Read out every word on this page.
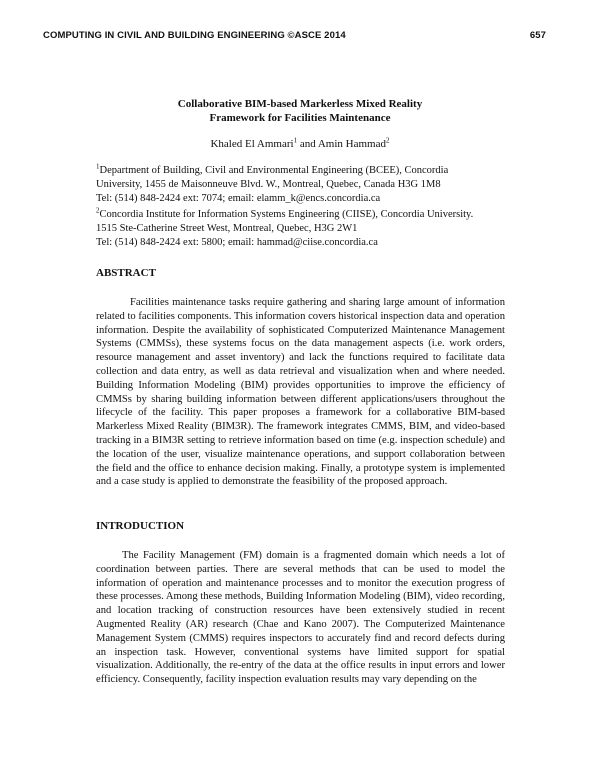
COMPUTING IN CIVIL AND BUILDING ENGINEERING ©ASCE 2014	657
Collaborative BIM-based Markerless Mixed Reality
Framework for Facilities Maintenance
Khaled El Ammari$^1$ and Amin Hammad$^2$
$^1$Department of Building, Civil and Environmental Engineering (BCEE), Concordia
University, 1455 de Maisonneuve Blvd. W., Montreal, Quebec, Canada H3G 1M8
Tel: (514) 848-2424 ext: 7074; email: elamm_k@encs.concordia.ca
$^2$Concordia Institute for Information Systems Engineering (CIISE), Concordia University.
1515 Ste-Catherine Street West, Montreal, Quebec, H3G 2W1
Tel: (514) 848-2424 ext: 5800; email: hammad@ciise.concordia.ca
ABSTRACT
Facilities maintenance tasks require gathering and sharing large amount of information related to facilities components. This information covers historical inspection data and operation information. Despite the availability of sophisticated Computerized Maintenance Management Systems (CMMSs), these systems focus on the data management aspects (i.e. work orders, resource management and asset inventory) and lack the functions required to facilitate data collection and data entry, as well as data retrieval and visualization when and where needed. Building Information Modeling (BIM) provides opportunities to improve the efficiency of CMMSs by sharing building information between different applications/users throughout the lifecycle of the facility. This paper proposes a framework for a collaborative BIM-based Markerless Mixed Reality (BIM3R). The framework integrates CMMS, BIM, and video-based tracking in a BIM3R setting to retrieve information based on time (e.g. inspection schedule) and the location of the user, visualize maintenance operations, and support collaboration between the field and the office to enhance decision making. Finally, a prototype system is implemented and a case study is applied to demonstrate the feasibility of the proposed approach.
INTRODUCTION
The Facility Management (FM) domain is a fragmented domain which needs a lot of coordination between parties. There are several methods that can be used to model the information of operation and maintenance processes and to monitor the execution progress of these processes. Among these methods, Building Information Modeling (BIM), video recording, and location tracking of construction resources have been extensively studied in recent Augmented Reality (AR) research (Chae and Kano 2007). The Computerized Maintenance Management System (CMMS) requires inspectors to accurately find and record defects during an inspection task. However, conventional systems have limited support for spatial visualization. Additionally, the re-entry of the data at the office results in input errors and lower efficiency. Consequently, facility inspection evaluation results may vary depending on the
